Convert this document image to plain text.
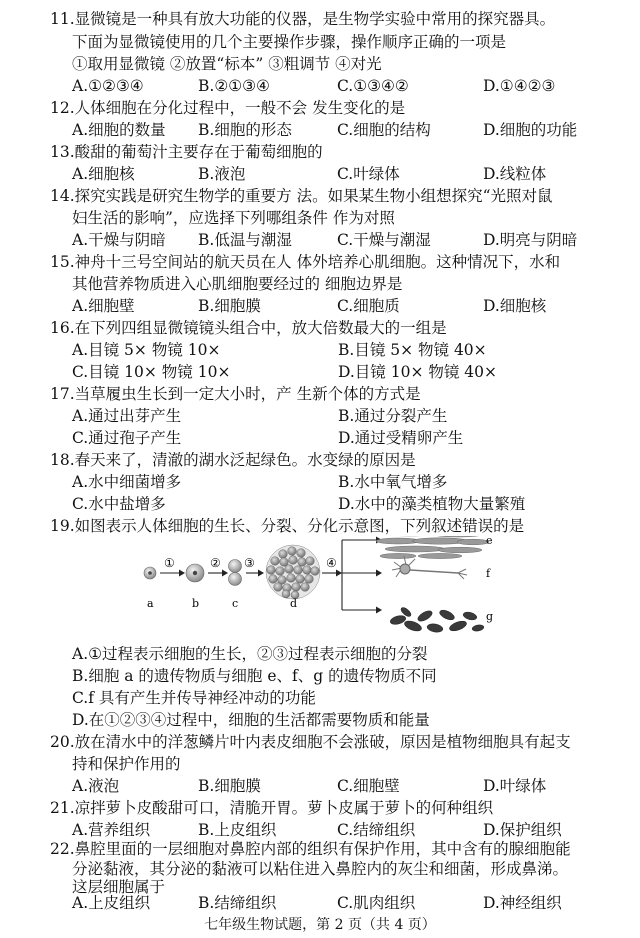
11.显微镜是一种具有放大功能的仪器，是生物学实验中常用的探究器具。
下面为显微镜使用的几个主要操作步骤，操作顺序正确的一项是
①取用显微镜 ②放置“标本” ③粗调节 ④对光
A.①②③④	B.②①③④	C.①③④②	D.①④②③
12.人体细胞在分化过程中，一般不会 发生变化的是
A.细胞的数量 B.细胞的形态	C.细胞的结构	D.细胞的功能
13.酸甜的葡萄汁主要存在于葡萄细胞的
A.细胞核	B.液泡	C.叶绿体	D.线粒体
14.探究实践是研究生物学的重要方 法。如果某生物小组想探究“光照对鼠
妇生活的影响”，应选择下列哪组条件 作为对照
A.干燥与阴暗 B.低温与潮湿	C.干燥与潮湿	D.明亮与阴暗
15.神舟十三号空间站的航天员在人 体外培养心肌细胞。这种情况下，水和
其他营养物质进入心肌细胞要经过的 细胞边界是
A.细胞壁	B.细胞膜	C.细胞质	D.细胞核
16.在下列四组显微镜镜头组合中，放大倍数最大的一组是
A.目镜 5× 物镜 10×	B.目镜 5× 物镜 40×
C.目镜 10× 物镜 10×	D.目镜 10× 物镜 40×
17.当草履虫生长到一定大小时，产 生新个体的方式是
A.通过出芽产生	B.通过分裂产生
C.通过孢子产生	D.通过受精卵产生
18.春天来了，清澈的湖水泛起绿色。水变绿的原因是
A.水中细菌增多	B.水中氧气增多
C.水中盐增多	D.水中的藻类植物大量繁殖
19.如图表示人体细胞的生长、分裂、分化示意图，下列叙述错误的是
①	② ③	④
a	b	c	d
e
f
g
A.①过程表示细胞的生长，②③过程表示细胞的分裂
B.细胞 a 的遗传物质与细胞 e、f、g 的遗传物质不同
C.f 具有产生并传导神经冲动的功能
D.在①②③④过程中，细胞的生活都需要物质和能量
20.放在清水中的洋葱鳞片叶内表皮细胞不会涨破，原因是植物细胞具有起支
持和保护作用的
A.液泡	B.细胞膜	C.细胞壁	D.叶绿体
21.凉拌萝卜皮酸甜可口，清脆开胃。萝卜皮属于萝卜的何种组织
A.营养组织	B.上皮组织	C.结缔组织	D.保护组织
22.鼻腔里面的一层细胞对鼻腔内部的组织有保护作用，其中含有的腺细胞能
分泌黏液，其分泌的黏液可以粘住进入鼻腔内的灰尘和细菌，形成鼻涕。
这层细胞属于
A.上皮组织	B.结缔组织	C.肌肉组织	D.神经组织
七年级生物试题，第 2 页（共 4 页）
